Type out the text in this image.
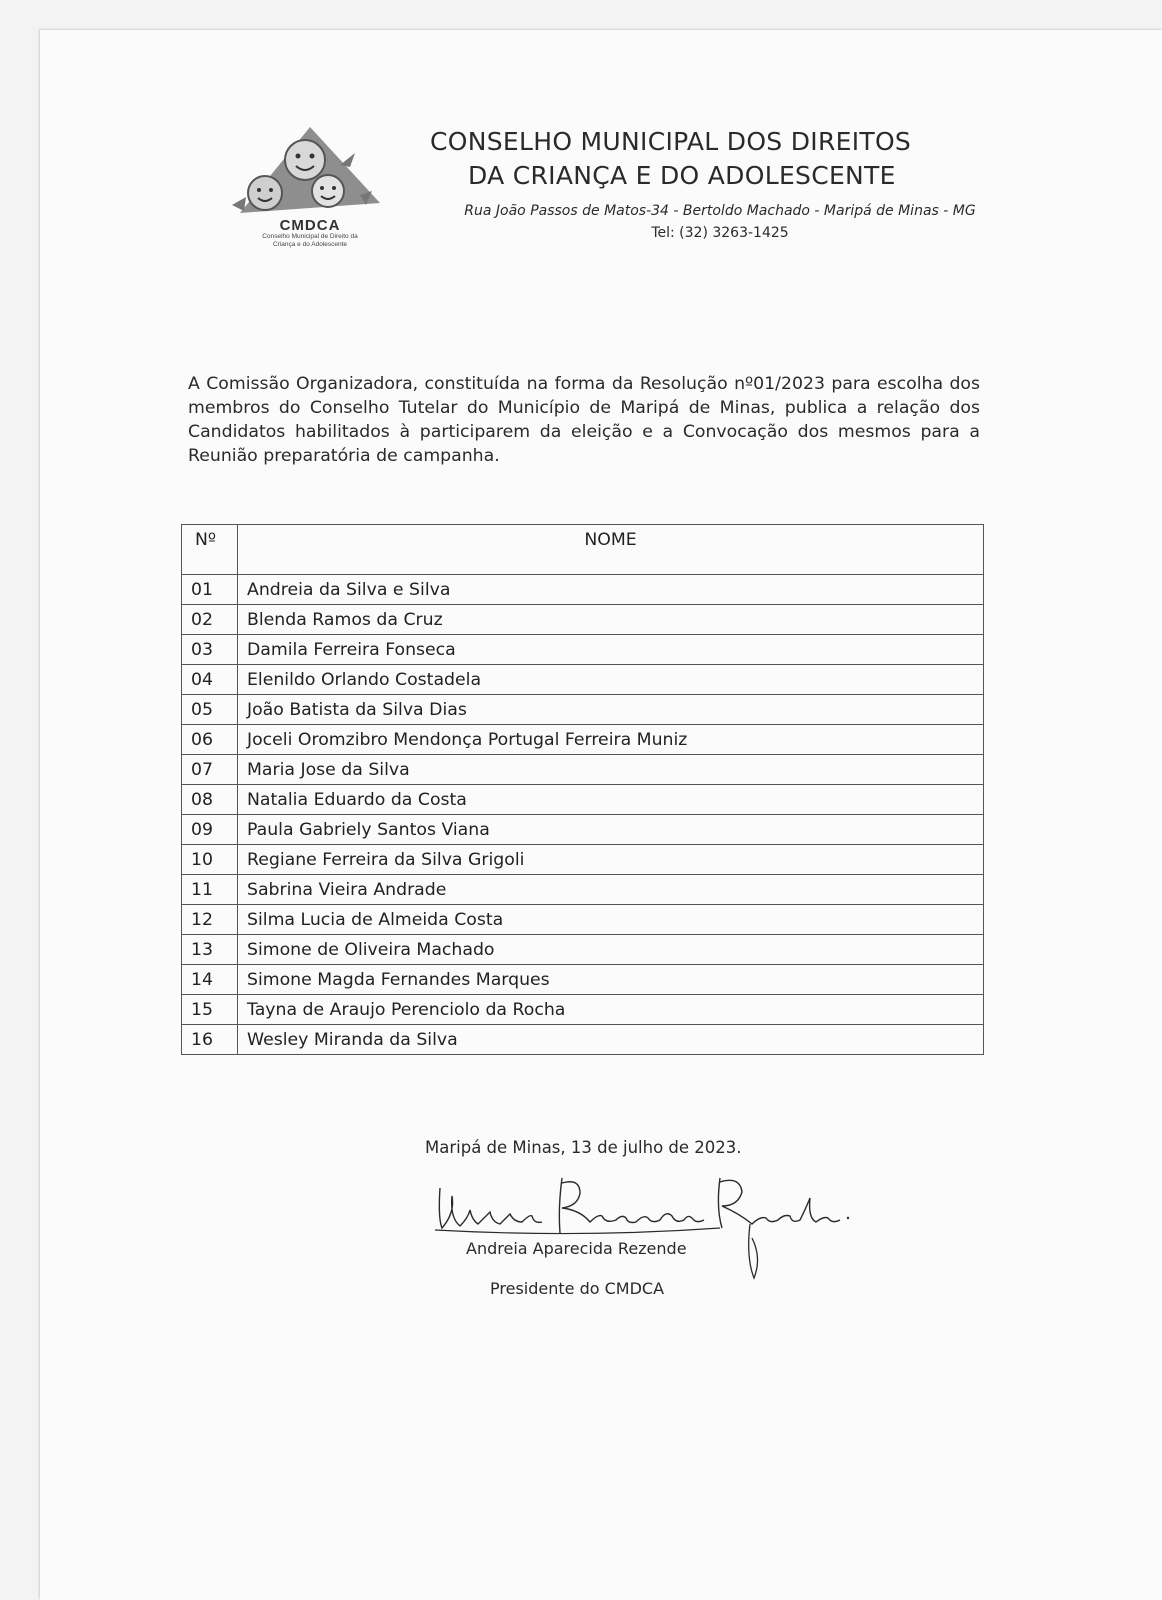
CMDCA
Conselho Municipal de Direito da
Criança e do Adolescente
CONSELHO MUNICIPAL DOS DIREITOS
DA CRIANÇA E DO ADOLESCENTE
Rua João Passos de Matos-34 - Bertoldo Machado - Maripá de Minas - MG
Tel: (32) 3263-1425

A Comissão Organizadora, constituída na forma da Resolução nº01/2023 para escolha dos membros do Conselho Tutelar do Município de Maripá de Minas, publica a relação dos Candidatos habilitados à participarem da eleição e a Convocação dos mesmos para a Reunião preparatória de campanha.

Nº	NOME
01	Andreia da Silva e Silva
02	Blenda Ramos da Cruz
03	Damila Ferreira Fonseca
04	Elenildo Orlando Costadela
05	João Batista da Silva Dias
06	Joceli Oromzibro Mendonça Portugal Ferreira Muniz
07	Maria Jose da Silva
08	Natalia Eduardo da Costa
09	Paula Gabriely Santos Viana
10	Regiane Ferreira da Silva Grigoli
11	Sabrina Vieira Andrade
12	Silma Lucia de Almeida Costa
13	Simone de Oliveira Machado
14	Simone Magda Fernandes Marques
15	Tayna de Araujo Perenciolo da Rocha
16	Wesley Miranda da Silva
Maripá de Minas, 13 de julho de 2023.
Andreia Aparecida Rezende
Presidente do CMDCA
